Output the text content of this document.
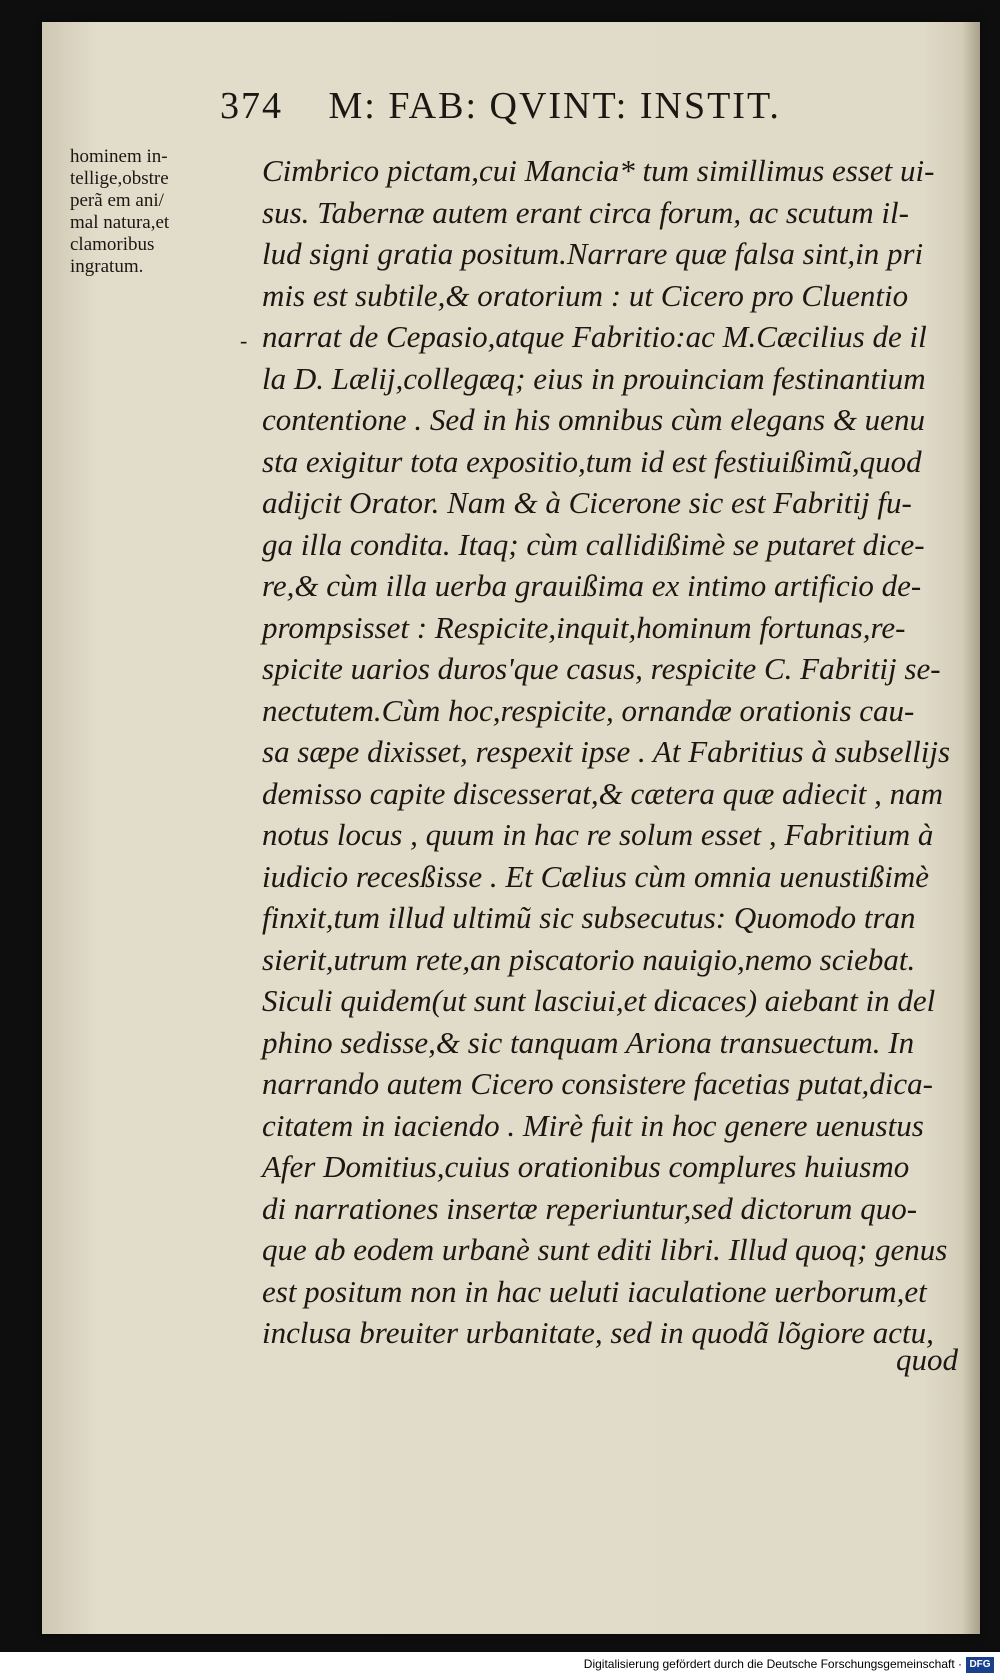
374 M: FAB: QVINT: INSTIT.
hominem in-
tellige,obstre
perã em ani/
mal natura,et
clamoribus
ingratum.
-
Cimbrico pictam,cui Mancia* tum simillimus esset ui-
sus. Tabernæ autem erant circa forum, ac scutum il-
lud signi gratia positum.Narrare quæ falsa sint,in pri
mis est subtile,& oratorium : ut Cicero pro Cluentio
narrat de Cepasio,atque Fabritio:ac M.Cæcilius de il
la D. Lælij,collegæq; eius in prouinciam festinantium
contentione . Sed in his omnibus cùm elegans & uenu
sta exigitur tota expositio,tum id est festiuißimũ,quod
adijcit Orator. Nam & à Cicerone sic est Fabritij fu-
ga illa condita. Itaq; cùm callidißimè se putaret dice-
re,& cùm illa uerba grauißima ex intimo artificio de-
prompsisset : Respicite,inquit,hominum fortunas,re-
spicite uarios duros'que casus, respicite C. Fabritij se-
nectutem.Cùm hoc,respicite, ornandæ orationis cau-
sa sæpe dixisset, respexit ipse . At Fabritius à subsellijs
demisso capite discesserat,& cætera quæ adiecit , nam
notus locus , quum in hac re solum esset , Fabritium à
iudicio recesßisse . Et Cælius cùm omnia uenustißimè
finxit,tum illud ultimũ sic subsecutus: Quomodo tran
sierit,utrum rete,an piscatorio nauigio,nemo sciebat.
Siculi quidem(ut sunt lasciui,et dicaces) aiebant in del
phino sedisse,& sic tanquam Ariona transuectum. In
narrando autem Cicero consistere facetias putat,dica-
citatem in iaciendo . Mirè fuit in hoc genere uenustus
Afer Domitius,cuius orationibus complures huiusmo
di narrationes insertæ reperiuntur,sed dictorum quo-
que ab eodem urbanè sunt editi libri. Illud quoq; genus
est positum non in hac ueluti iaculatione uerborum,et
inclusa breuiter urbanitate, sed in quodã lõgiore actu,
quod
Digitalisierung gefördert durch die Deutsche Forschungsgemeinschaft · DFG
